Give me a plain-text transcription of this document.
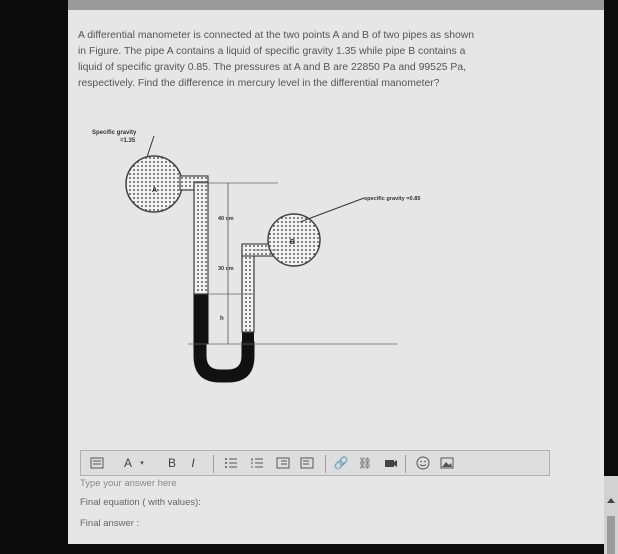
A differential manometer is connected at the two points A and B of two pipes as shown
in Figure. The pipe A contains a liquid of specific gravity 1.35 while pipe B contains a
liquid of specific gravity 0.85. The pressures at A and B are 22850 Pa and 99525 Pa,
respectively. Find the difference in mercury level in the differential manometer?
Specific gravity
=1.35
A
B
specific gravity =0.85
40 cm
30 cm
h
A	▾ B	I	🔗 ⛓
Type your answer here
Final equation ( with values):
Final answer :
